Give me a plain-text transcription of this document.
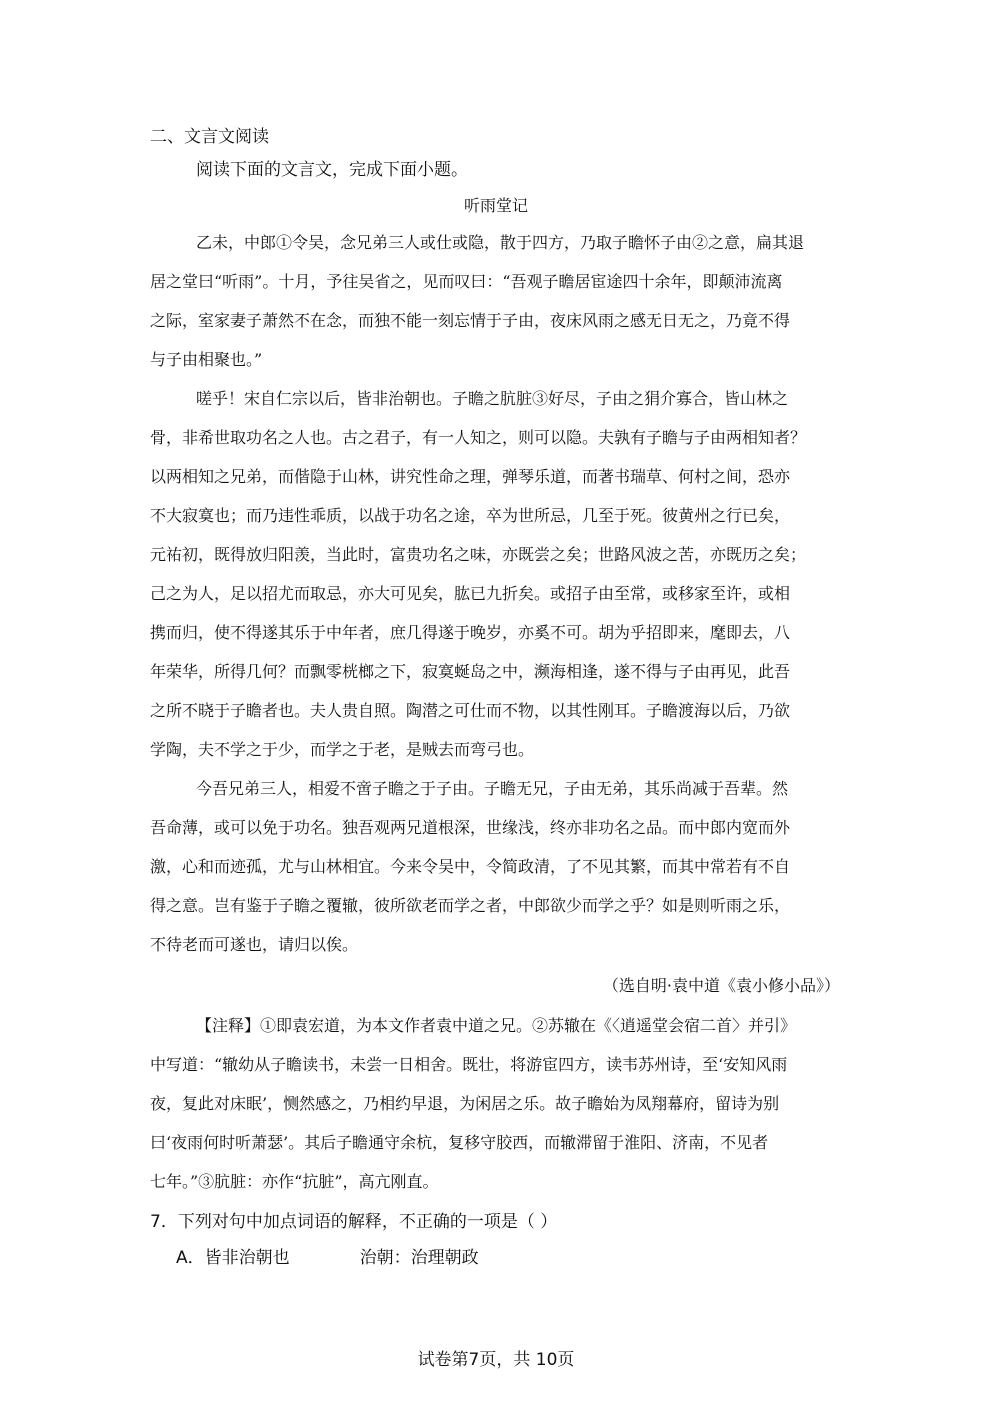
二、文言文阅读
阅读下面的文言文，完成下面小题。
听雨堂记
乙未，中郎①令吴，念兄弟三人或仕或隐，散于四方，乃取子瞻怀子由②之意，扁其退
居之堂曰“听雨”。十月，予往吴省之，见而叹曰：“吾观子瞻居宦途四十余年，即颠沛流离
之际，室家妻子萧然不在念，而独不能一刻忘情于子由，夜床风雨之感无日无之，乃竟不得
与子由相聚也。”
嗟乎！宋自仁宗以后，皆非治朝也。子瞻之肮脏③好尽，子由之狷介寡合，皆山林之
骨，非希世取功名之人也。古之君子，有一人知之，则可以隐。夫孰有子瞻与子由两相知者？
以两相知之兄弟，而偕隐于山林，讲究性命之理，弹琴乐道，而著书瑞草、何村之间，恐亦
不大寂寞也；而乃违性乖质，以战于功名之途，卒为世所忌，几至于死。彼黄州之行已矣，
元祐初，既得放归阳羡，当此时，富贵功名之味，亦既尝之矣；世路风波之苦，亦既历之矣；
己之为人，足以招尤而取忌，亦大可见矣，肱已九折矣。或招子由至常，或移家至许，或相
携而归，使不得遂其乐于中年者，庶几得遂于晚岁，亦奚不可。胡为乎招即来，麾即去，八
年荣华，所得几何？而飘零桄榔之下，寂寞蜒岛之中，濒海相逢，遂不得与子由再见，此吾
之所不晓于子瞻者也。夫人贵自照。陶潜之可仕而不物，以其性刚耳。子瞻渡海以后，乃欲
学陶，夫不学之于少，而学之于老，是贼去而弯弓也。
今吾兄弟三人，相爱不啻子瞻之于子由。子瞻无兄，子由无弟，其乐尚减于吾辈。然
吾命薄，或可以免于功名。独吾观两兄道根深，世缘浅，终亦非功名之品。而中郎内宽而外
激，心和而迹孤，尤与山林相宜。今来令吴中，令简政清，了不见其繁，而其中常若有不自
得之意。岂有鉴于子瞻之覆辙，彼所欲老而学之者，中郎欲少而学之乎？如是则听雨之乐，
不待老而可遂也，请归以俟。
（选自明·袁中道《袁小修小品》）
【注释】①即袁宏道，为本文作者袁中道之兄。②苏辙在《〈逍遥堂会宿二首〉并引》
中写道：“辙幼从子瞻读书，未尝一日相舍。既壮，将游宦四方，读韦苏州诗，至‘安知风雨
夜，复此对床眠’，恻然感之，乃相约早退，为闲居之乐。故子瞻始为凤翔幕府，留诗为别
曰‘夜雨何时听萧瑟’。其后子瞻通守余杭，复移守胶西，而辙滞留于淮阳、济南，不见者
七年。”③肮脏：亦作“抗脏”，高亢刚直。
7．下列对句中加点词语的解释，不正确的一项是（ ）
A．皆非治朝也	治朝：治理朝政
试卷第7页，共 10页
